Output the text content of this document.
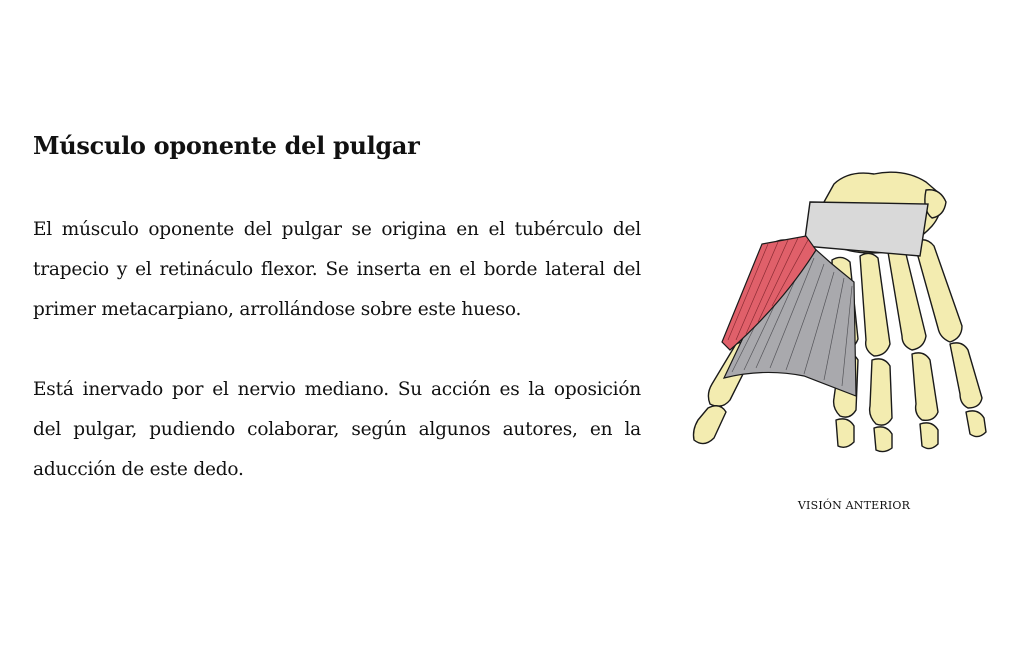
Músculo oponente del pulgar

El músculo oponente del pulgar se origina en el tubérculo del trapecio y el retináculo flexor. Se inserta en el borde lateral del primer metacarpiano, arrollándose sobre este hueso.

Está inervado por el nervio mediano. Su acción es la oposición del pulgar, pudiendo colaborar, según algunos autores, en la aducción de este dedo.

VISIÓN ANTERIOR
